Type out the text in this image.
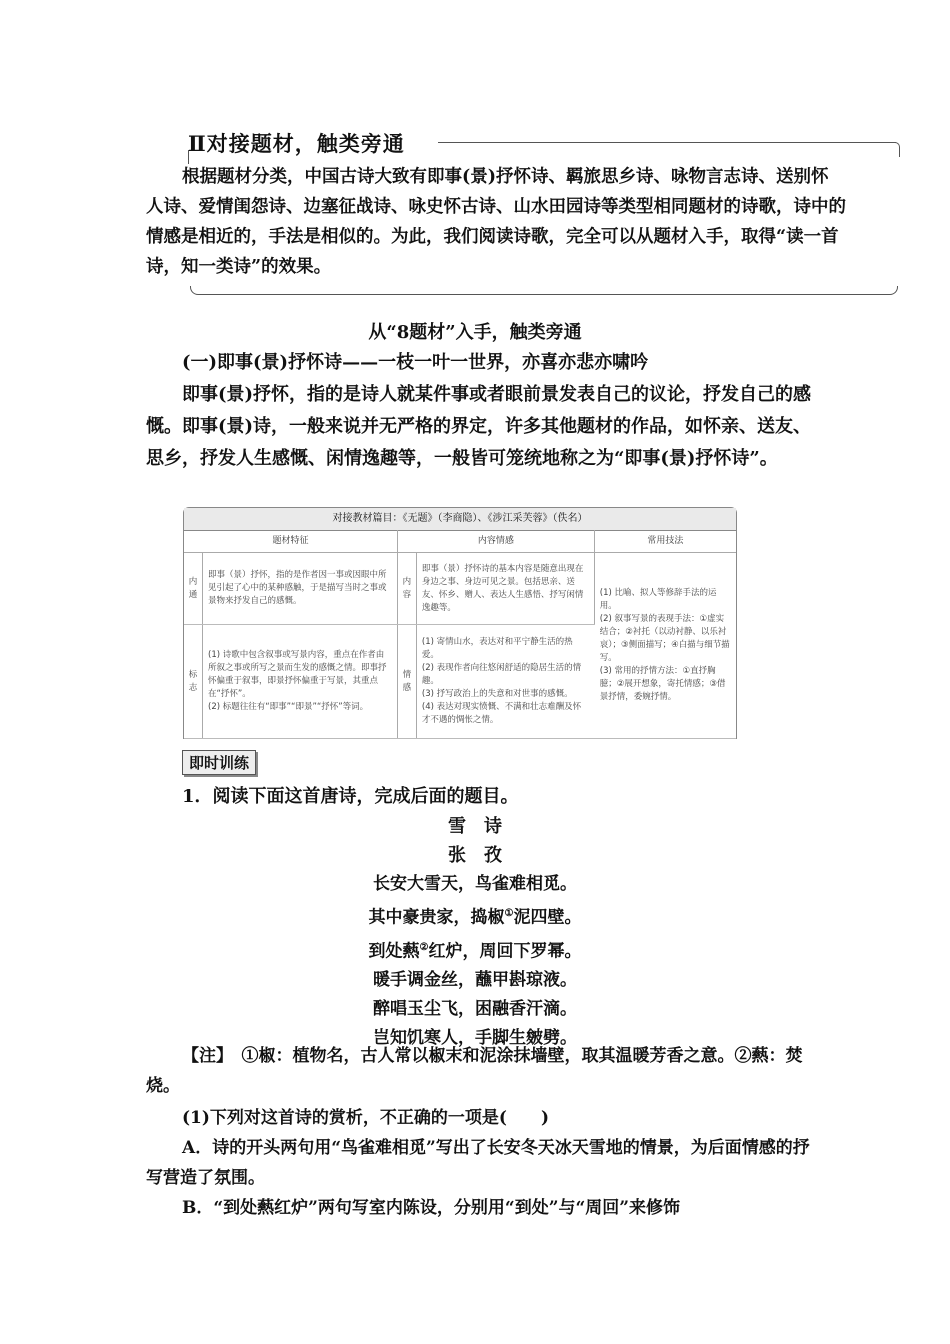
Ⅱ对接题材，触类旁通

根据题材分类，中国古诗大致有即事(景)抒怀诗、羁旅思乡诗、咏物言志诗、送别怀人诗、爱情闺怨诗、边塞征战诗、咏史怀古诗、山水田园诗等类型相同题材的诗歌，诗中的情感是相近的，手法是相似的。为此，我们阅读诗歌，完全可以从题材入手，取得“读一首诗，知一类诗”的效果。

从“8题材”入手，触类旁通

(一)即事(景)抒怀诗——一枝一叶一世界，亦喜亦悲亦啸吟

即事(景)抒怀，指的是诗人就某件事或者眼前景发表自己的议论，抒发自己的感慨。即事(景)诗，一般来说并无严格的界定，许多其他题材的作品，如怀亲、送友、思乡，抒发人生感慨、闲情逸趣等，一般皆可笼统地称之为“即事(景)抒怀诗”。

对接教材篇目：《无题》（李商隐）、《涉江采芙蓉》（佚名）
题材特征		内容情感		常用技法
内通	即事（景）抒怀，指的是作者因一事或因眼中所见引起了心中的某种感触，于是描写当时之事或景物来抒发自己的感慨。	内容	即事（景）抒怀诗的基本内容是随意出现在身边之事、身边可见之景。包括思亲、送友、怀乡、赠人、表达人生感悟、抒写闲情逸趣等。	(1) 比喻、拟人等修辞手法的运用。
(2) 叙事写景的表现手法：①虚实结合；②衬托（以动衬静、以乐衬哀）；③侧面描写；④白描与细节描写。
(3) 常用的抒情方法：①直抒胸臆；②展开想象，寄托情感；③借景抒情，委婉抒情。
标志	(1) 诗歌中包含叙事或写景内容，重点在作者由所叙之事或所写之景而生发的感慨之情。即事抒怀偏重于叙事，即景抒怀偏重于写景，其重点在“抒怀”。
(2) 标题往往有“即事”“即景”“抒怀”等词。	情感	(1) 寄情山水，表达对和平宁静生活的热爱。
(2) 表现作者向往悠闲舒适的隐居生活的情趣。
(3) 抒写政治上的失意和对世事的感慨。
(4) 表达对现实愤慨、不满和壮志难酬及怀才不遇的惆怅之情。	
即时训练

1．阅读下面这首唐诗，完成后面的题目。

雪　诗
张　孜
长安大雪天，鸟雀难相觅。
其中豪贵家，捣椒①泥四壁。
到处爇②红炉，周回下罗幂。
暖手调金丝，蘸甲斟琼液。
醉唱玉尘飞，困融香汗滴。
岂知饥寒人，手脚生皴劈。

【注】　 ①椒：植物名，古人常以椒末和泥涂抹墙壁，取其温暖芳香之意。②爇：焚烧。

(1)下列对这首诗的赏析，不正确的一项是(　　)

A．诗的开头两句用“鸟雀难相觅”写出了长安冬天冰天雪地的情景，为后面情感的抒写营造了氛围。

B．“到处爇红炉”两句写室内陈设，分别用“到处”与“周回”来修饰
